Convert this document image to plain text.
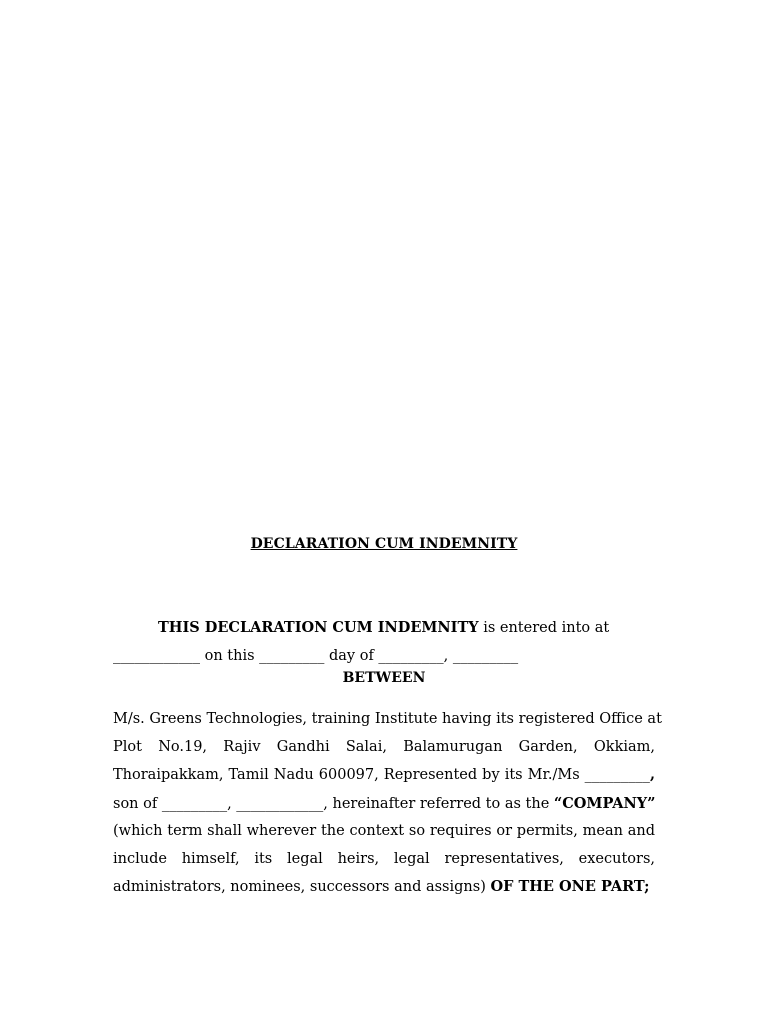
DECLARATION CUM INDEMNITY
THIS DECLARATION CUM INDEMNITY is entered into at
____________ on this _________ day of _________, _________
BETWEEN
M/s. Greens Technologies, training Institute having its registered Office at
Plot No.19, Rajiv Gandhi Salai, Balamurugan Garden, Okkiam,
Thoraipakkam, Tamil Nadu 600097, Represented by its Mr./Ms _________,
son of _________, ____________, hereinafter referred to as the “COMPANY”
(which term shall wherever the context so requires or permits, mean and
include himself, its legal heirs, legal representatives, executors,
administrators, nominees, successors and assigns) OF THE ONE PART;
